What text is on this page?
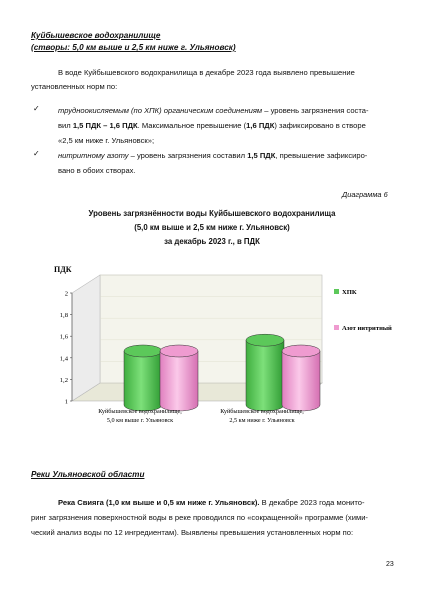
Куйбышевское водохранилище
(створы: 5,0 км выше и 2,5 км ниже г. Ульяновск)
В воде Куйбышевского водохранилища в декабре 2023 года выявлено превышение
установленных норм по:
✓ трудноокисляемым (по ХПК) органическим соединениям – уровень загрязнения соста-
вил 1,5 ПДК – 1,6 ПДК. Максимальное превышение (1,6 ПДК) зафиксировано в створе
«2,5 км ниже г. Ульяновск»;
✓ нитритному азоту – уровень загрязнения составил 1,5 ПДК, превышение зафиксиро-
вано в обоих створах.
Диаграмма 6
Уровень загрязнённости воды Куйбышевского водохранилища
(5,0 км выше и 2,5 км ниже г. Ульяновск)
за декабрь 2023 г., в ПДК
ПДК
1
1,2
1,4
1,6
1,8
2
Куйбышевское водохранилище,
5,0 км выше г. Ульяновск
Куйбышевское водохранилище,
2,5 км ниже г. Ульяновск
ХПК
Азот нитритный
Реки Ульяновской области
Река Свияга (1,0 км выше и 0,5 км ниже г. Ульяновск). В декабре 2023 года монито-
ринг загрязнения поверхностной воды в реке проводился по «сокращенной» программе (хими-
ческий анализ воды по 12 ингредиентам). Выявлены превышения установленных норм по:
23
